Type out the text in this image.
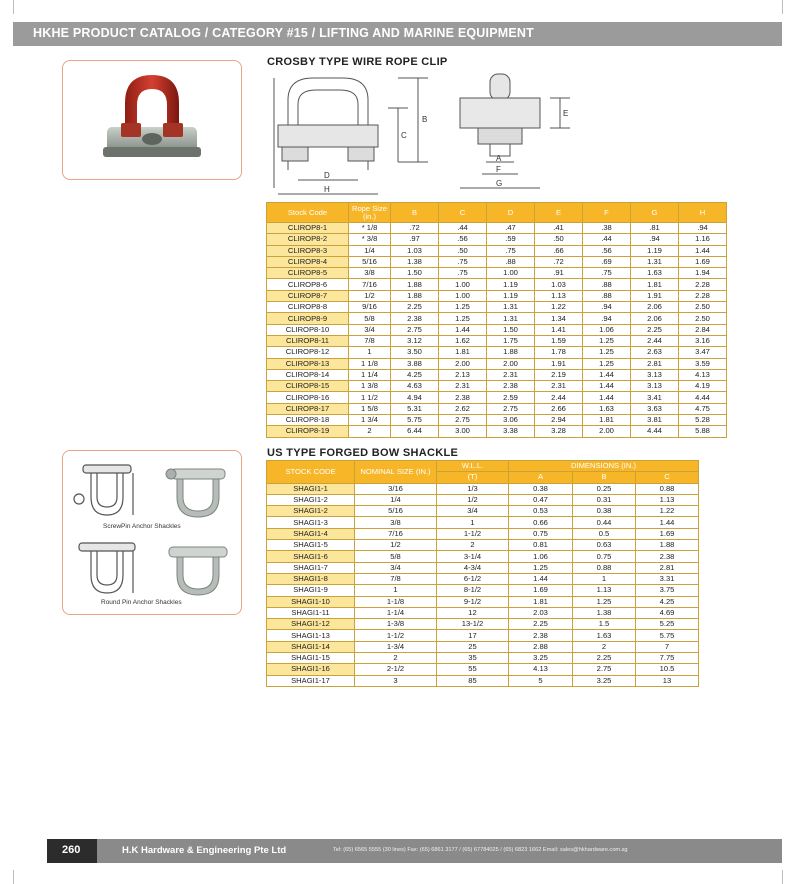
HKHE PRODUCT CATALOG / CATEGORY #15 / LIFTING AND MARINE EQUIPMENT
CROSBY TYPE WIRE ROPE CLIP
B
C
D
H
E
A
F
G
Stock Code	Rope Size (in.)	B	C	D	E	F	G	H
CLIROP8-1	* 1/8	.72	.44	.47	.41	.38	.81	.94
CLIROP8-2	* 3/8	.97	.56	.59	.50	.44	.94	1.16
CLIROP8-3	1/4	1.03	.50	.75	.66	.56	1.19	1.44
CLIROP8-4	5/16	1.38	.75	.88	.72	.69	1.31	1.69
CLIROP8-5	3/8	1.50	.75	1.00	.91	.75	1.63	1.94
CLIROP8-6	7/16	1.88	1.00	1.19	1.03	.88	1.81	2.28
CLIROP8-7	1/2	1.88	1.00	1.19	1.13	.88	1.91	2.28
CLIROP8-8	9/16	2.25	1.25	1.31	1.22	.94	2.06	2.50
CLIROP8-9	5/8	2.38	1.25	1.31	1.34	.94	2.06	2.50
CLIROP8-10	3/4	2.75	1.44	1.50	1.41	1.06	2.25	2.84
CLIROP8-11	7/8	3.12	1.62	1.75	1.59	1.25	2.44	3.16
CLIROP8-12	1	3.50	1.81	1.88	1.78	1.25	2.63	3.47
CLIROP8-13	1 1/8	3.88	2.00	2.00	1.91	1.25	2.81	3.59
CLIROP8-14	1 1/4	4.25	2.13	2.31	2.19	1.44	3.13	4.13
CLIROP8-15	1 3/8	4.63	2.31	2.38	2.31	1.44	3.13	4.19
CLIROP8-16	1 1/2	4.94	2.38	2.59	2.44	1.44	3.41	4.44
CLIROP8-17	1 5/8	5.31	2.62	2.75	2.66	1.63	3.63	4.75
CLIROP8-18	1 3/4	5.75	2.75	3.06	2.94	1.81	3.81	5.28
CLIROP8-19	2	6.44	3.00	3.38	3.28	2.00	4.44	5.88
ScrewPin Anchor Shackles
Round Pin Anchor Shackles
US TYPE FORGED BOW SHACKLE
STOCK CODE	NOMINAL SIZE (IN.)	W.L.L.	DIMENSIONS (IN.)		
		(T)	A	B	C
SHAGI1-1	3/16	1/3	0.38	0.25	0.88
SHAGI1-2	1/4	1/2	0.47	0.31	1.13
SHAGI1-2	5/16	3/4	0.53	0.38	1.22
SHAGI1-3	3/8	1	0.66	0.44	1.44
SHAGI1-4	7/16	1-1/2	0.75	0.5	1.69
SHAGI1-5	1/2	2	0.81	0.63	1.88
SHAGI1-6	5/8	3-1/4	1.06	0.75	2.38
SHAGI1-7	3/4	4-3/4	1.25	0.88	2.81
SHAGI1-8	7/8	6-1/2	1.44	1	3.31
SHAGI1-9	1	8-1/2	1.69	1.13	3.75
SHAGI1-10	1-1/8	9-1/2	1.81	1.25	4.25
SHAGI1-11	1-1/4	12	2.03	1.38	4.69
SHAGI1-12	1-3/8	13-1/2	2.25	1.5	5.25
SHAGI1-13	1-1/2	17	2.38	1.63	5.75
SHAGI1-14	1-3/4	25	2.88	2	7
SHAGI1-15	2	35	3.25	2.25	7.75
SHAGI1-16	2-1/2	55	4.13	2.75	10.5
SHAGI1-17	3	85	5	3.25	13
260	H.K Hardware & Engineering Pte Ltd	Tel: (65) 6565 5555 (30 lines) Fax: (65) 6861 3177 / (65) 67784025 / (65) 6823 1662 Email: sales@hkhardware.com.sg
